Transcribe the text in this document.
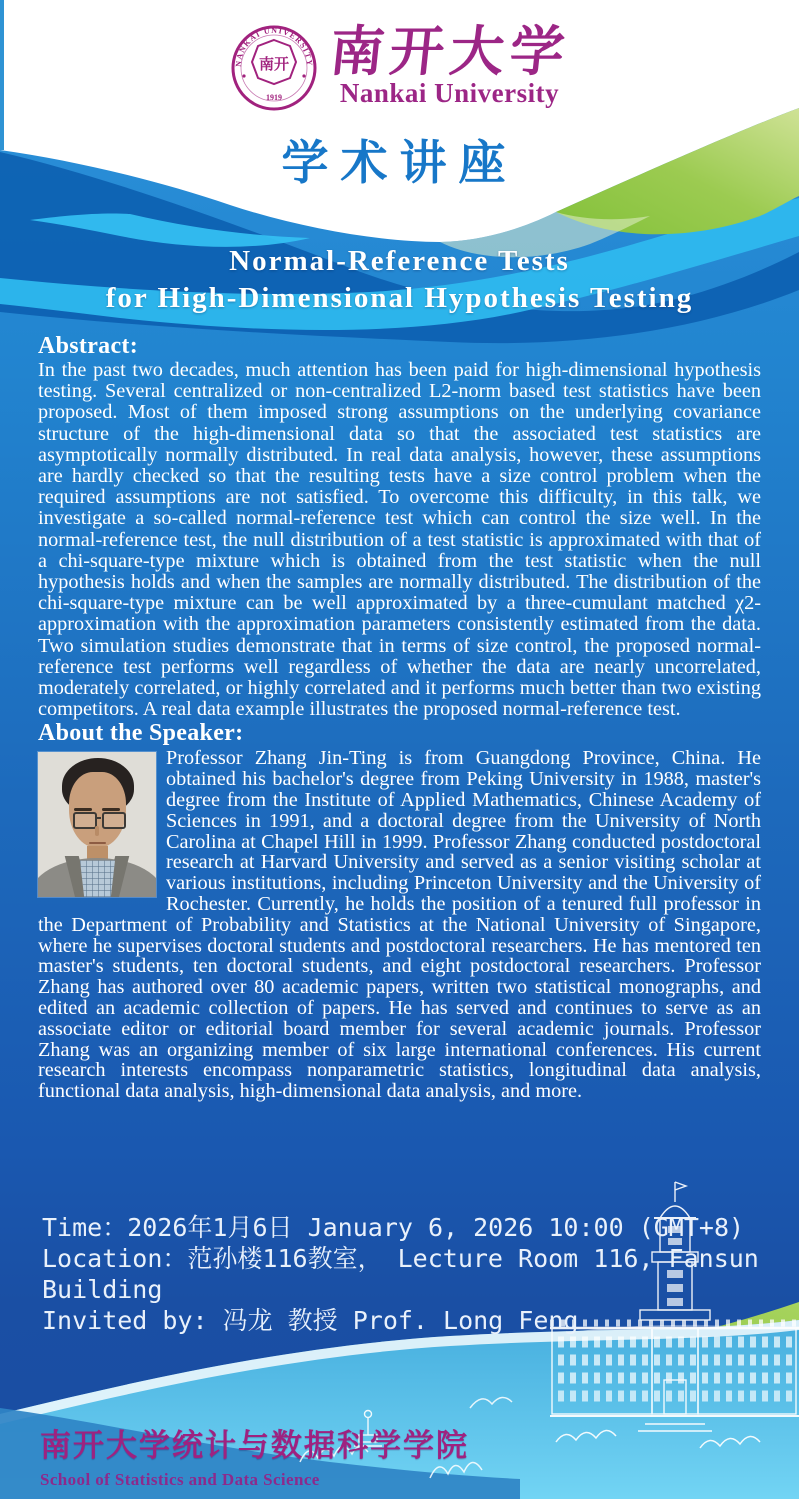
NANKAI UNIVERSITY
1919
南开 南开大学
Nankai University
学术讲座
Normal-Reference Tests
for High-Dimensional Hypothesis Testing
Abstract:

In the past two decades, much attention has been paid for high-dimensional hypothesis testing. Several centralized or non-centralized L2-norm based test statistics have been proposed. Most of them imposed strong assumptions on the underlying covariance structure of the high-dimensional data so that the associated test statistics are asymptotically normally distributed. In real data analysis, however, these assumptions are hardly checked so that the resulting tests have a size control problem when the required assumptions are not satisfied. To overcome this difficulty, in this talk, we investigate a so-called normal-reference test which can control the size well. In the normal-reference test, the null distribution of a test statistic is approximated with that of a chi-square-type mixture which is obtained from the test statistic when the null hypothesis holds and when the samples are normally distributed. The distribution of the chi-square-type mixture can be well approximated by a three-cumulant matched χ2-approximation with the approximation parameters consistently estimated from the data. Two simulation studies demonstrate that in terms of size control, the proposed normal- reference test performs well regardless of whether the data are nearly uncorrelated, moderately correlated, or highly correlated and it performs much better than two existing competitors. A real data example illustrates the proposed normal-reference test.

About the Speaker:

Professor Zhang Jin-Ting is from Guangdong Province, China. He obtained his bachelor's degree from Peking University in 1988, master's degree from the Institute of Applied Mathematics, Chinese Academy of Sciences in 1991, and a doctoral degree from the University of North Carolina at Chapel Hill in 1999. Professor Zhang conducted postdoctoral research at Harvard University and served as a senior visiting scholar at various institutions, including Princeton University and the University of Rochester. Currently, he holds the position of a tenured full professor in the Department of Probability and Statistics at the National University of Singapore, where he supervises doctoral students and postdoctoral researchers. He has mentored ten master's students, ten doctoral students, and eight postdoctoral researchers. Professor Zhang has authored over 80 academic papers, written two statistical monographs, and edited an academic collection of papers. He has served and continues to serve as an associate editor or editorial board member for several academic journals. Professor Zhang was an organizing member of six large international conferences. His current research interests encompass nonparametric statistics, longitudinal data analysis, functional data analysis, high-dimensional data analysis, and more.

Time：2026年1月6日 January 6, 2026 10:00 (GMT+8)
Location：范孙楼116教室， Lecture Room 116, Fansun Building
Invited by: 冯龙 教授 Prof. Long Feng
南开大学统计与数据科学学院
School of Statistics and Data Science
